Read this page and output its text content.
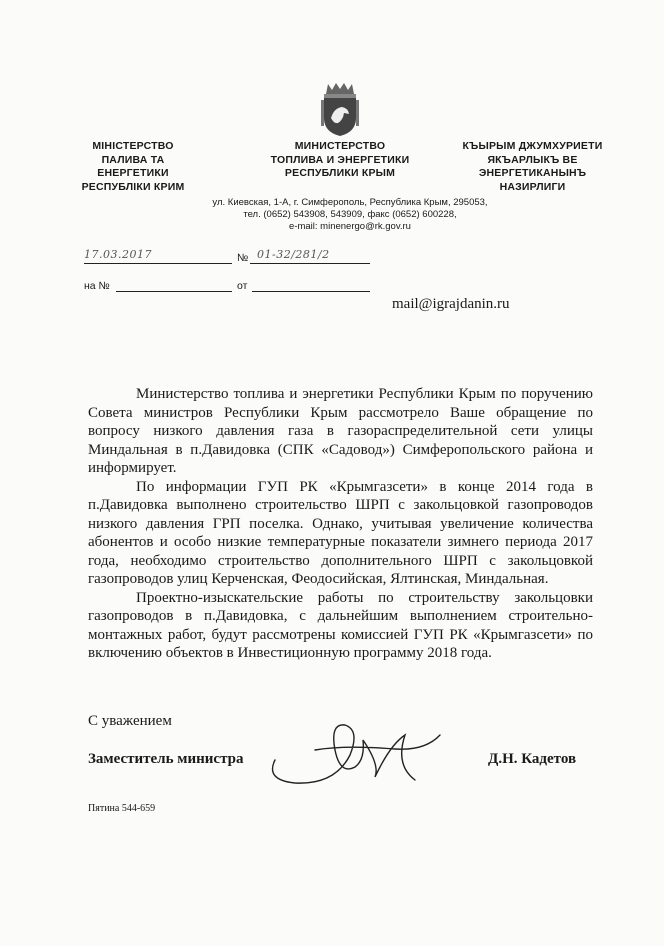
МІНІСТЕРСТВО
ПАЛИВА ТА ЕНЕРГЕТИКИ
РЕСПУБЛІКИ КРИМ
МИНИСТЕРСТВО
ТОПЛИВА И ЭНЕРГЕТИКИ
РЕСПУБЛИКИ КРЫМ
КЪЫРЫМ ДЖУМХУРИЕТИ
ЯКЪАРЛЫКЪ ВЕ
ЭНЕРГЕТИКАНЫНЪ НАЗИРЛИГИ
ул. Киевская, 1-А, г. Симферополь, Республика Крым, 295053,
тел. (0652) 543908, 543909, факс (0652) 600228,
e-mail: minenergo@rk.gov.ru
17.03.2017	№ 01-32/281/2
на №	от
mail@igrajdanin.ru

Министерство топлива и энергетики Республики Крым по поручению Совета министров Республики Крым рассмотрело Ваше обращение по вопросу низкого давления газа в газораспределительной сети улицы Миндальная в п.Давидовка (СПК «Садовод») Симферопольского района и информирует.

По информации ГУП РК «Крымгазсети» в конце 2014 года в п.Давидовка выполнено строительство ШРП с закольцовкой газопроводов низкого давления ГРП поселка. Однако, учитывая увеличение количества абонентов и особо низкие температурные показатели зимнего периода 2017 года, необходимо строительство дополнительного ШРП с закольцовкой газопроводов улиц Керченская, Феодосийская, Ялтинская, Миндальная.

Проектно-изыскательские работы по строительству закольцовки газопроводов в п.Давидовка, с дальнейшим выполнением строительно-монтажных работ, будут рассмотрены комиссией ГУП РК «Крымгазсети» по включению объектов в Инвестиционную программу 2018 года.

С уважением
Заместитель министра	Д.Н. Кадетов
Пятина 544-659
